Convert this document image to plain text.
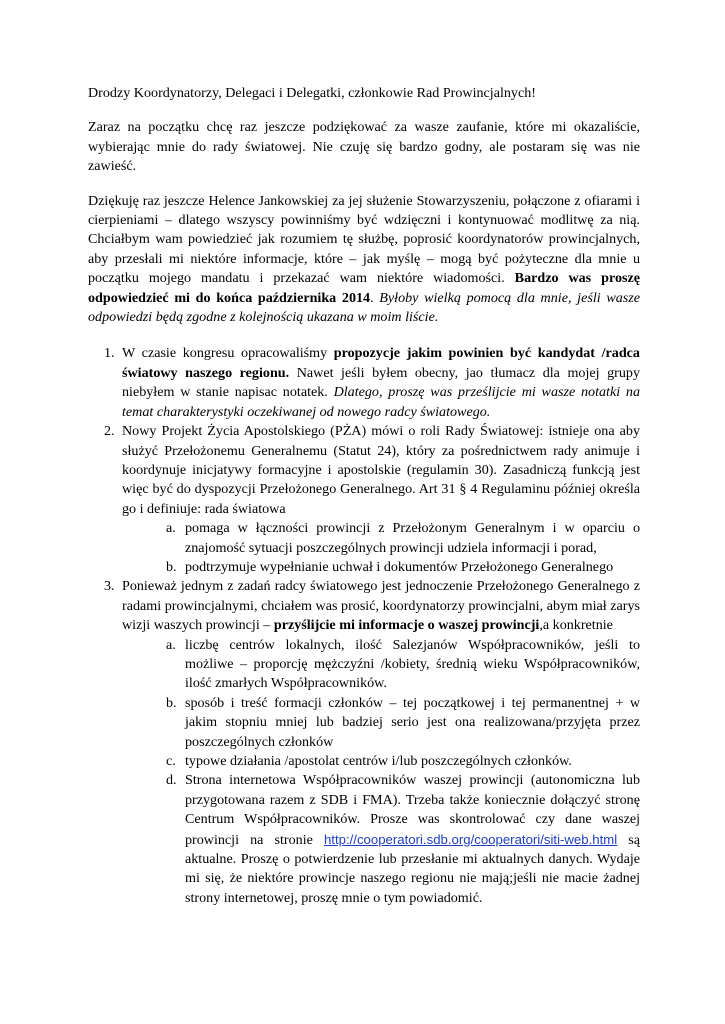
Drodzy Koordynatorzy, Delegaci i Delegatki, członkowie Rad Prowincjalnych!

Zaraz na początku chcę raz jeszcze podziękować za wasze zaufanie, które mi okazaliście, wybierając mnie do rady światowej. Nie czuję się bardzo godny, ale postaram się was nie zawieść.

Dziękuję raz jeszcze Helence Jankowskiej za jej służenie Stowarzyszeniu, połączone z ofiarami i cierpieniami – dlatego wszyscy powinniśmy być wdzięczni i kontynuować modlitwę za nią. Chciałbym wam powiedzieć jak rozumiem tę służbę, poprosić koordynatorów prowincjalnych, aby przesłali mi niektóre informacje, które – jak myślę – mogą być pożyteczne dla mnie u początku mojego mandatu i przekazać wam niektóre wiadomości. Bardzo was proszę odpowiedzieć mi do końca października 2014. Byłoby wielką pomocą dla mnie, jeśli wasze odpowiedzi będą zgodne z kolejnością ukazana w moim liście.

1. W czasie kongresu opracowaliśmy propozycje jakim powinien być kandydat /radca światowy naszego regionu. Nawet jeśli byłem obecny, jao tłumacz dla mojej grupy niebyłem w stanie napisac notatek. Dlatego, proszę was prześlijcie mi wasze notatki na temat charakterystyki oczekiwanej od nowego radcy światowego.
2. Nowy Projekt Życia Apostolskiego (PŻA) mówi o roli Rady Światowej: istnieje ona aby służyć Przełożonemu Generalnemu (Statut 24), który za pośrednictwem rady animuje i koordynuje inicjatywy formacyjne i apostolskie (regulamin 30). Zasadniczą funkcją jest więc być do dyspozycji Przełożonego Generalnego. Art 31 § 4 Regulaminu później określa go i definiuje: rada światowa
a. pomaga w łączności prowincji z Przełożonym Generalnym i w oparciu o znajomość sytuacji poszczególnych prowincji udziela informacji i porad,
b. podtrzymuje wypełnianie uchwał i dokumentów Przełożonego Generalnego
3. Ponieważ jednym z zadań radcy światowego jest jednoczenie Przełożonego Generalnego z radami prowincjalnymi, chciałem was prosić, koordynatorzy prowincjalni, abym miał zarys wizji waszych prowincji – przyślijcie mi informacje o waszej prowincji,a konkretnie
a. liczbę centrów lokalnych, ilość Salezjanów Współpracowników, jeśli to możliwe – proporcję mężczyźni /kobiety, średnią wieku Współpracowników, ilość zmarłych Współpracowników.
b. sposób i treść formacji członków – tej początkowej i tej permanentnej + w jakim stopniu mniej lub badziej serio jest ona realizowana/przyjęta przez poszczególnych członków
c. typowe działania /apostolat centrów i/lub poszczególnych członków.
d. Strona internetowa Współpracowników waszej prowincji (autonomiczna lub przygotowana razem z SDB i FMA). Trzeba także koniecznie dołączyć stronę Centrum Współpracowników. Prosze was skontrolować czy dane waszej prowincji na stronie http://cooperatori.sdb.org/cooperatori/siti-web.html są aktualne. Proszę o potwierdzenie lub przesłanie mi aktualnych danych. Wydaje mi się, że niektóre prowincje naszego regionu nie mają;jeśli nie macie żadnej strony internetowej, proszę mnie o tym powiadomić.
